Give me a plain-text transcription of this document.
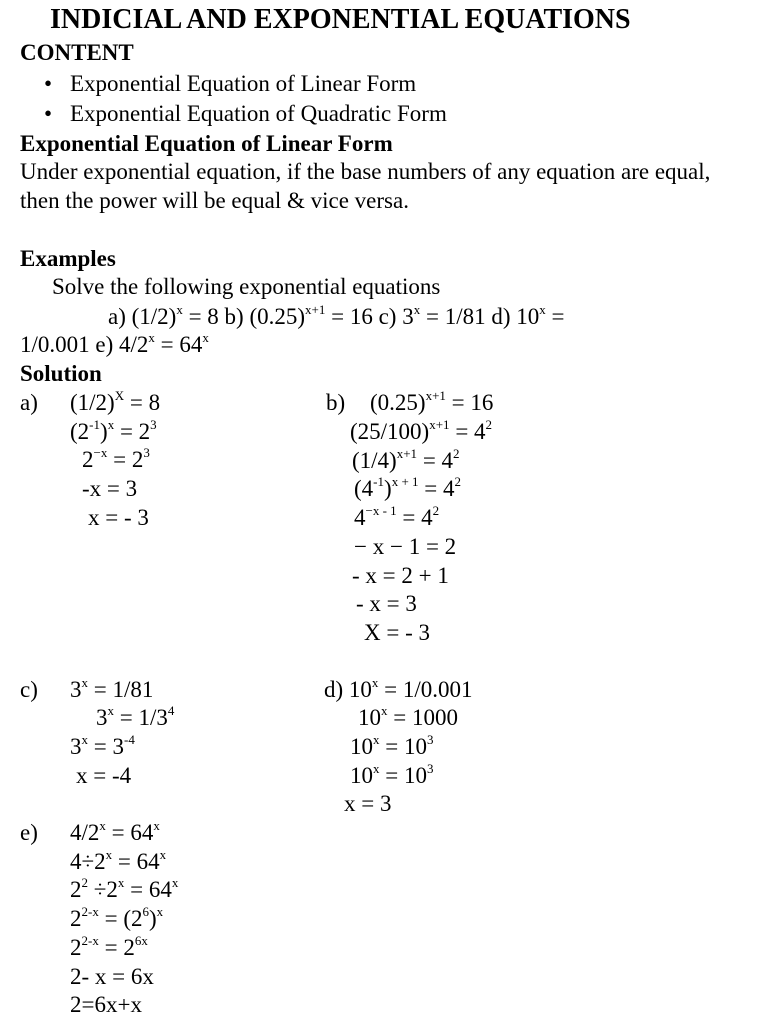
INDICIAL AND EXPONENTIAL EQUATIONS
CONTENT
• Exponential Equation of Linear Form
• Exponential Equation of Quadratic Form
Exponential Equation of Linear Form
Under exponential equation, if the base numbers of any equation are equal,
then the power will be equal & vice versa.
Examples
Solve the following exponential equations
a) $(1/2)^x = 8$ b) $(0.25)^{x+1} = 16$ c) $3^x = 1/81$ d) $10^x$ =
1/0.001 e) $4/2^x = 64^x$
Solution
a) $(1/2)^X = 8$
$(2^{-1})^x = 2^3$
$2^{-x} = 2^3$
-x = 3
x = - 3
b) $(0.25)^{x+1} = 16$
$(25/100)^{x+1} = 4^2$
$(1/4)^{x+1} = 4^2$
$(4^{-1})^{x + 1} = 4^2$
$4^{-x - 1} = 4^2$
− x − 1 = 2
- x = 2 + 1
- x = 3
X = - 3
c) $3^x = 1/81$
$3^x = 1/3^4$
$3^x = 3^{-4}$
x = -4
d) $10^x = 1/0.001$
$10^x = 1000$
$10^x = 10^3$
$10^x = 10^3$
x = 3
e) $4/2^x = 64^x$
$4\div 2^x = 64^x$
$2^2 \div 2^x = 64^x$
$2^{2-x} = (2^6)^x$
$2^{2-x} = 2^{6x}$
2- x = 6x
2=6x+x
